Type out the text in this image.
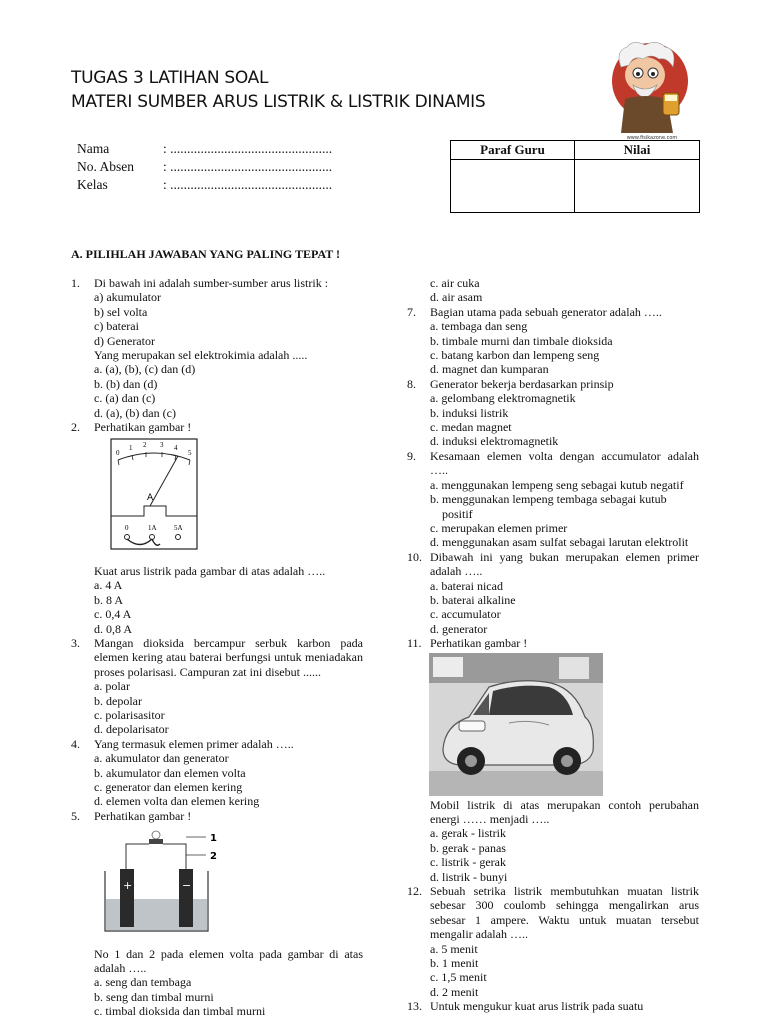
TUGAS 3 LATIHAN SOAL
MATERI SUMBER ARUS LISTRIK & LISTRIK DINAMIS
www.fisikazone.com
Nama	: ................................................
No. Absen	: ................................................
Kelas	: ................................................
Paraf Guru	Nilai
A. PILIHLAH JAWABAN YANG PALING TEPAT !
1.	Di bawah ini adalah sumber-sumber arus listrik :
a) akumulator
b) sel volta
c) baterai
d) Generator
Yang merupakan sel elektrokimia adalah .....
a. (a), (b), (c) dan (d)
b. (b) dan (d)
c. (a) dan (c)
d. (a), (b) dan (c)
2.	Perhatikan gambar !
0
1 2 3 4
5
A
0	1A 5A
Kuat arus listrik pada gambar di atas adalah …..
a. 4 A
b. 8 A
c. 0,4 A
d. 0,8 A
3.	Mangan dioksida bercampur serbuk karbon pada elemen kering atau baterai berfungsi untuk meniadakan proses polarisasi. Campuran zat ini disebut ......
a. polar
b. depolar
c. polarisasitor
d. depolarisator
4.	Yang termasuk elemen primer adalah …..
a. akumulator dan generator
b. akumulator dan elemen volta
c. generator dan elemen kering
d. elemen volta dan elemen kering
5.	Perhatikan gambar !
1
2
+	−
No 1 dan 2 pada elemen volta pada gambar di atas adalah …..
a. seng dan tembaga
b. seng dan timbal murni
c. timbal dioksida dan timbal murni
c. air cuka
d. air asam
7.	Bagian utama pada sebuah generator adalah …..
a. tembaga dan seng
b. timbale murni dan timbale dioksida
c. batang karbon dan lempeng seng
d. magnet dan kumparan
8.	Generator bekerja berdasarkan prinsip
a. gelombang elektromagnetik
b. induksi listrik
c. medan magnet
d. induksi elektromagnetik
9.	Kesamaan elemen volta dengan accumulator adalah …..
a. menggunakan lempeng seng sebagai kutub negatif
b. menggunakan lempeng tembaga sebagai kutub positif
c. merupakan elemen primer
d. menggunakan asam sulfat sebagai larutan elektrolit
10. Dibawah ini yang bukan merupakan elemen primer adalah …..
a. baterai nicad
b. baterai alkaline
c. accumulator
d. generator
11. Perhatikan gambar !
Mobil listrik di atas merupakan contoh perubahan energi …… menjadi …..
a. gerak - listrik
b. gerak - panas
c. listrik - gerak
d. listrik - bunyi
12. Sebuah setrika listrik membutuhkan muatan listrik sebesar 300 coulomb sehingga mengalirkan arus sebesar 1 ampere. Waktu untuk muatan tersebut mengalir adalah …..
a. 5 menit
b. 1 menit
c. 1,5 menit
d. 2 menit
13. Untuk mengukur kuat arus listrik pada suatu
